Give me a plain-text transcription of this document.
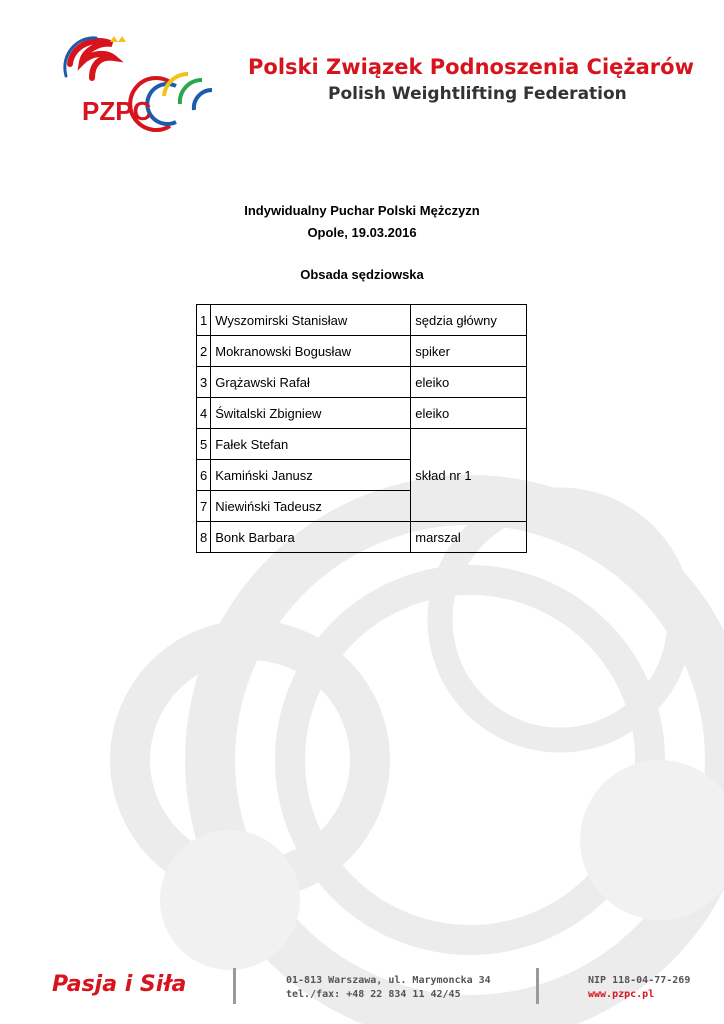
PZPC
Polski Związek Podnoszenia Ciężarów
Polish Weightlifting Federation
Indywidualny Puchar Polski Mężczyzn
Opole, 19.03.2016
Obsada sędziowska
1	Wyszomirski Stanisław	sędzia główny
2	Mokranowski Bogusław	spiker
3	Grążawski Rafał	eleiko
4	Świtalski Zbigniew	eleiko
5	Fałek Stefan	skład nr 1
6	Kamiński Janusz	
7	Niewiński Tadeusz	
8	Bonk Barbara	marszal
Pasja i Siła	01-813 Warszawa, ul. Marymoncka 34
tel./fax: +48 22 834 11 42/45
NIP 118-04-77-269
www.pzpc.pl
